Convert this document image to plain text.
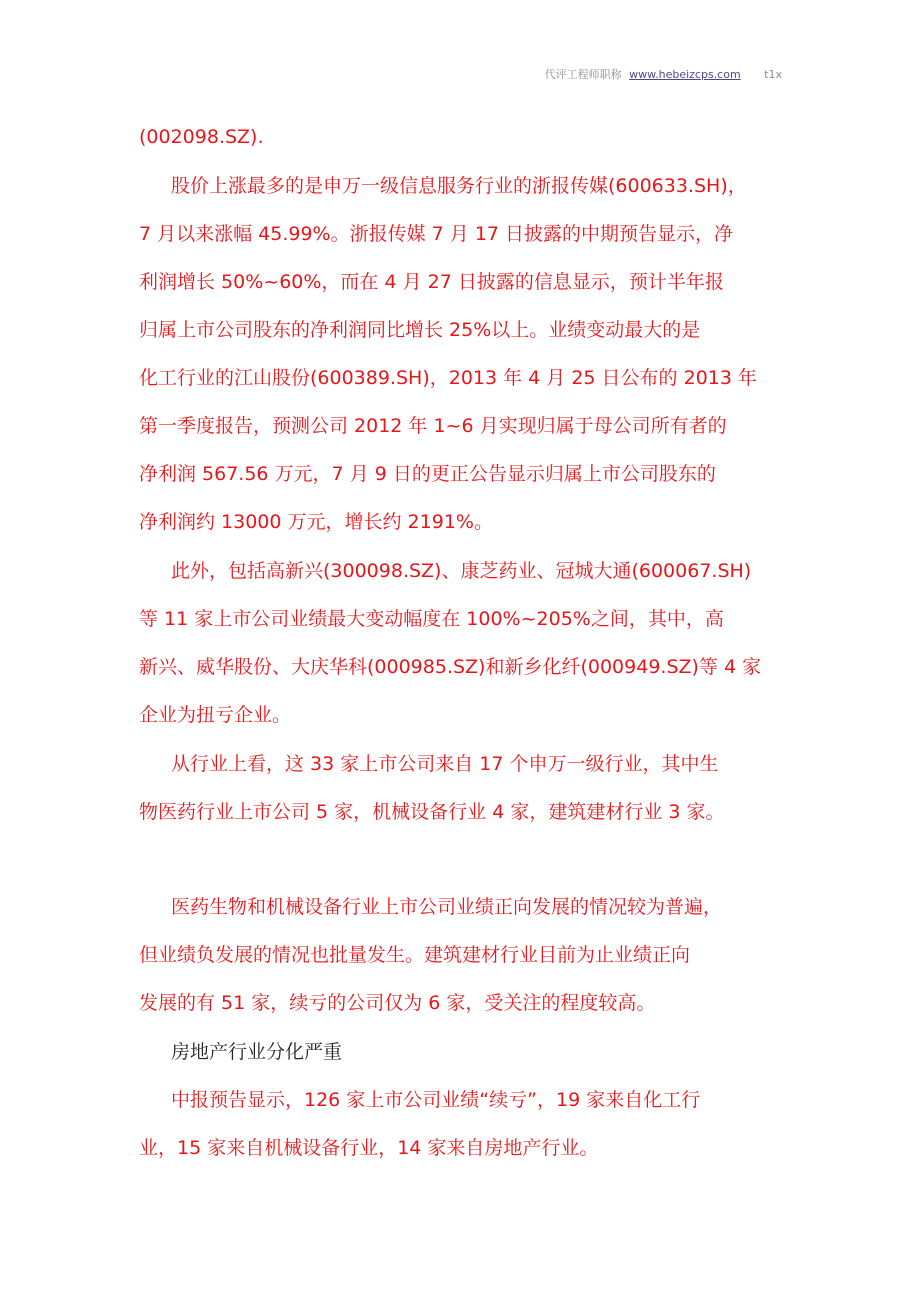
代评工程师职称 www.hebeizcps.com t1x
(002098.SZ).
股价上涨最多的是申万一级信息服务行业的浙报传媒(600633.SH)，
7 月以来涨幅 45.99%。浙报传媒 7 月 17 日披露的中期预告显示，净
利润增长 50%~60%，而在 4 月 27 日披露的信息显示，预计半年报
归属上市公司股东的净利润同比增长 25%以上。业绩变动最大的是
化工行业的江山股份(600389.SH)，2013 年 4 月 25 日公布的 2013 年
第一季度报告，预测公司 2012 年 1~6 月实现归属于母公司所有者的
净利润 567.56 万元，7 月 9 日的更正公告显示归属上市公司股东的
净利润约 13000 万元，增长约 2191%。
此外，包括高新兴(300098.SZ)、康芝药业、冠城大通(600067.SH)
等 11 家上市公司业绩最大变动幅度在 100%~205%之间，其中，高
新兴、威华股份、大庆华科(000985.SZ)和新乡化纤(000949.SZ)等 4 家
企业为扭亏企业。
从行业上看，这 33 家上市公司来自 17 个申万一级行业，其中生
物医药行业上市公司 5 家，机械设备行业 4 家，建筑建材行业 3 家。
医药生物和机械设备行业上市公司业绩正向发展的情况较为普遍，
但业绩负发展的情况也批量发生。建筑建材行业目前为止业绩正向
发展的有 51 家，续亏的公司仅为 6 家，受关注的程度较高。
房地产行业分化严重
中报预告显示，126 家上市公司业绩“续亏”，19 家来自化工行
业，15 家来自机械设备行业，14 家来自房地产行业。
